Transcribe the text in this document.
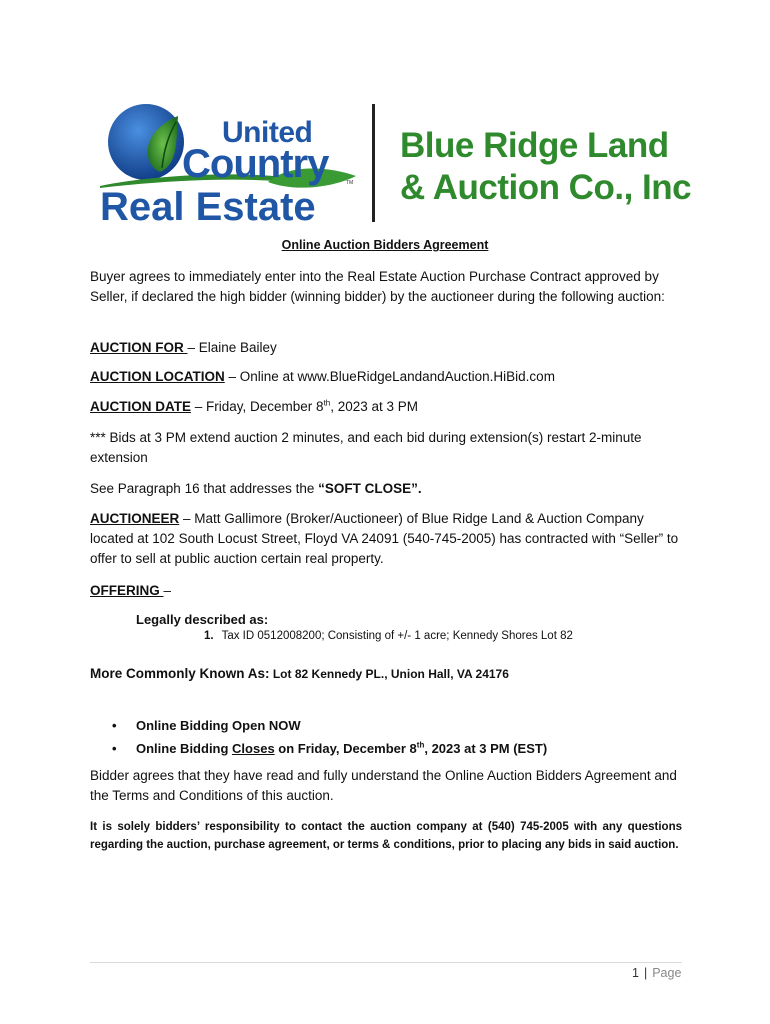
United
Country
Real Estate
TM
Blue Ridge Land
& Auction Co., Inc
Online Auction Bidders Agreement
Buyer agrees to immediately enter into the Real Estate Auction Purchase Contract approved by Seller, if declared the high bidder (winning bidder) by the auctioneer during the following auction:
AUCTION FOR – Elaine Bailey
AUCTION LOCATION – Online at www.BlueRidgeLandandAuction.HiBid.com
AUCTION DATE – Friday, December 8th, 2023 at 3 PM
*** Bids at 3 PM extend auction 2 minutes, and each bid during extension(s) restart 2-minute extension
See Paragraph 16 that addresses the “SOFT CLOSE”.
AUCTIONEER – Matt Gallimore (Broker/Auctioneer) of Blue Ridge Land & Auction Company located at 102 South Locust Street, Floyd VA 24091 (540-745-2005) has contracted with “Seller” to offer to sell at public auction certain real property.
OFFERING –
Legally described as:
1. Tax ID 0512008200; Consisting of +/- 1 acre; Kennedy Shores Lot 82
More Commonly Known As: Lot 82 Kennedy PL., Union Hall, VA 24176
• Online Bidding Open NOW
• Online Bidding Closes on Friday, December 8th, 2023 at 3 PM (EST)
Bidder agrees that they have read and fully understand the Online Auction Bidders Agreement and the Terms and Conditions of this auction.
It is solely bidders’ responsibility to contact the auction company at (540) 745-2005 with any questions regarding the auction, purchase agreement, or terms & conditions, prior to placing any bids in said auction.
1 | Page
